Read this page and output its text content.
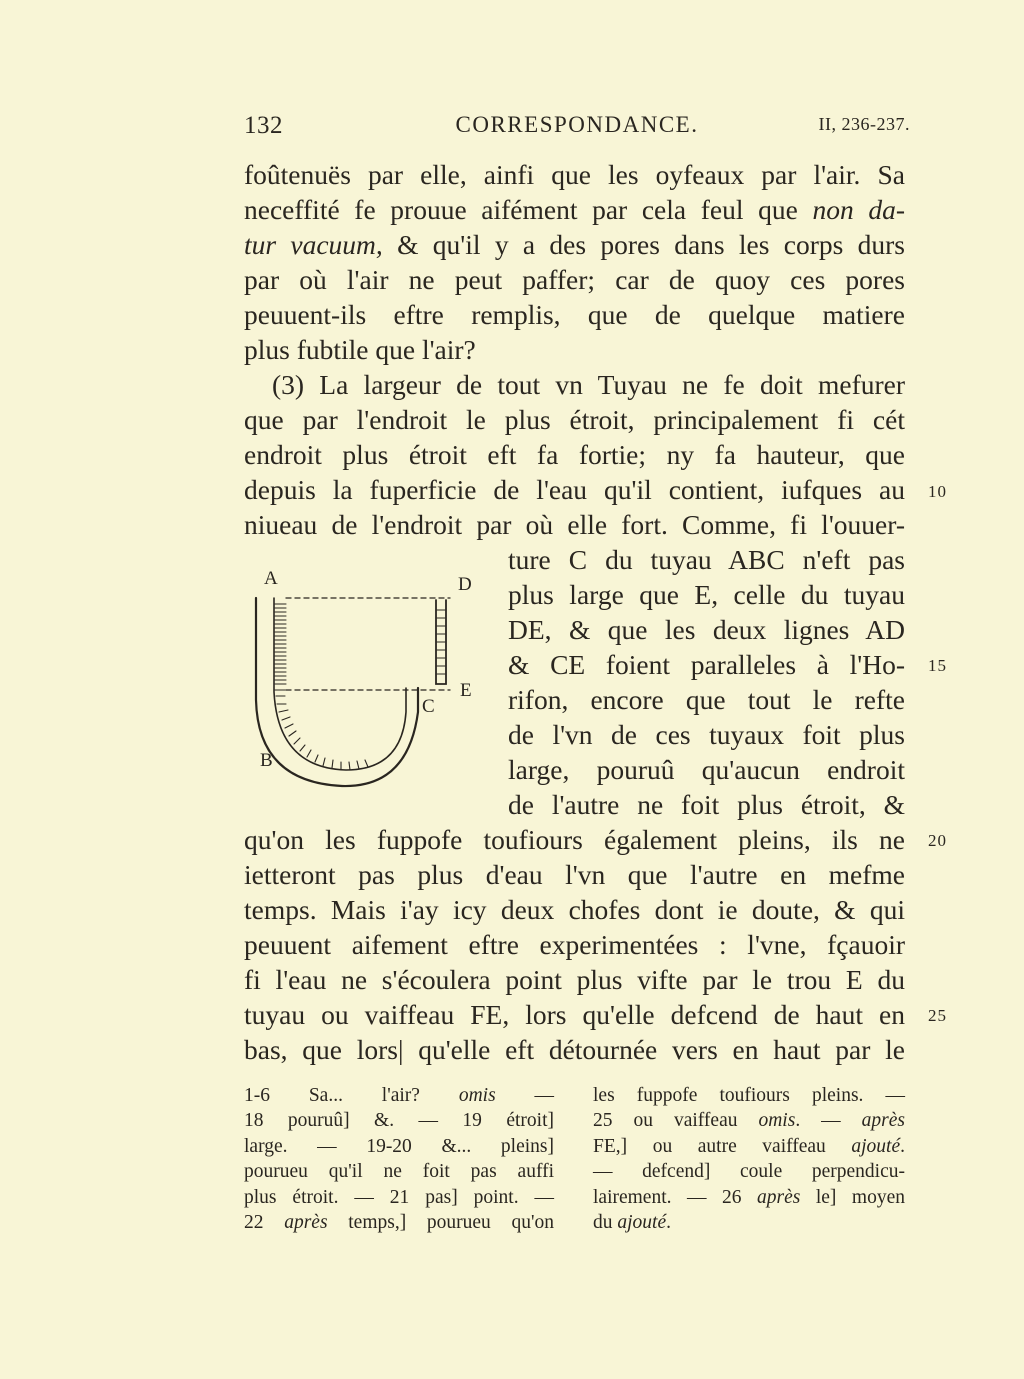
132	CORRESPONDANCE.	II, 236-237.
foûtenuës par elle, ainfi que les oyfeaux par l'air. Sa
neceffité fe prouue aifément par cela feul que non da-
tur vacuum, & qu'il y a des pores dans les corps durs
par où l'air ne peut paffer; car de quoy ces pores
peuuent-ils eftre remplis, que de quelque matiere
plus fubtile que l'air?
(3) La largeur de tout vn Tuyau ne fe doit mefurer
que par l'endroit le plus étroit, principalement fi cét
endroit plus étroit eft fa fortie; ny fa hauteur, que
depuis la fuperficie de l'eau qu'il contient, iufques au
niueau de l'endroit par où elle fort. Comme, fi l'ouuer-
ture C du tuyau ABC n'eft pas
plus large que E, celle du tuyau
DE, & que les deux lignes AD
& CE foient paralleles à l'Ho-
rifon, encore que tout le refte
de l'vn de ces tuyaux foit plus
large, pouruû qu'aucun endroit
de l'autre ne foit plus étroit, &
qu'on les fuppofe toufiours également pleins, ils ne
ietteront pas plus d'eau l'vn que l'autre en mefme
temps. Mais i'ay icy deux chofes dont ie doute, & qui
peuuent aifement eftre experimentées : l'vne, fçauoir
fi l'eau ne s'écoulera point plus vifte par le trou E du
tuyau ou vaiffeau FE, lors qu'elle defcend de haut en
bas, que lors| qu'elle eft détournée vers en haut par le
10
15
20
25
A	D
E
C
B
1-6 Sa... l'air? omis —
18 pouruû] &. — 19 étroit]
large. — 19-20 &... pleins]
pourueu qu'il ne foit pas auffi
plus étroit. — 21 pas] point. —
22 après temps,] pourueu qu'on
les fuppofe toufiours pleins. —
25 ou vaiffeau omis. — après
FE,] ou autre vaiffeau ajouté.
— defcend] coule perpendicu-
lairement. — 26 après le] moyen
du ajouté.
